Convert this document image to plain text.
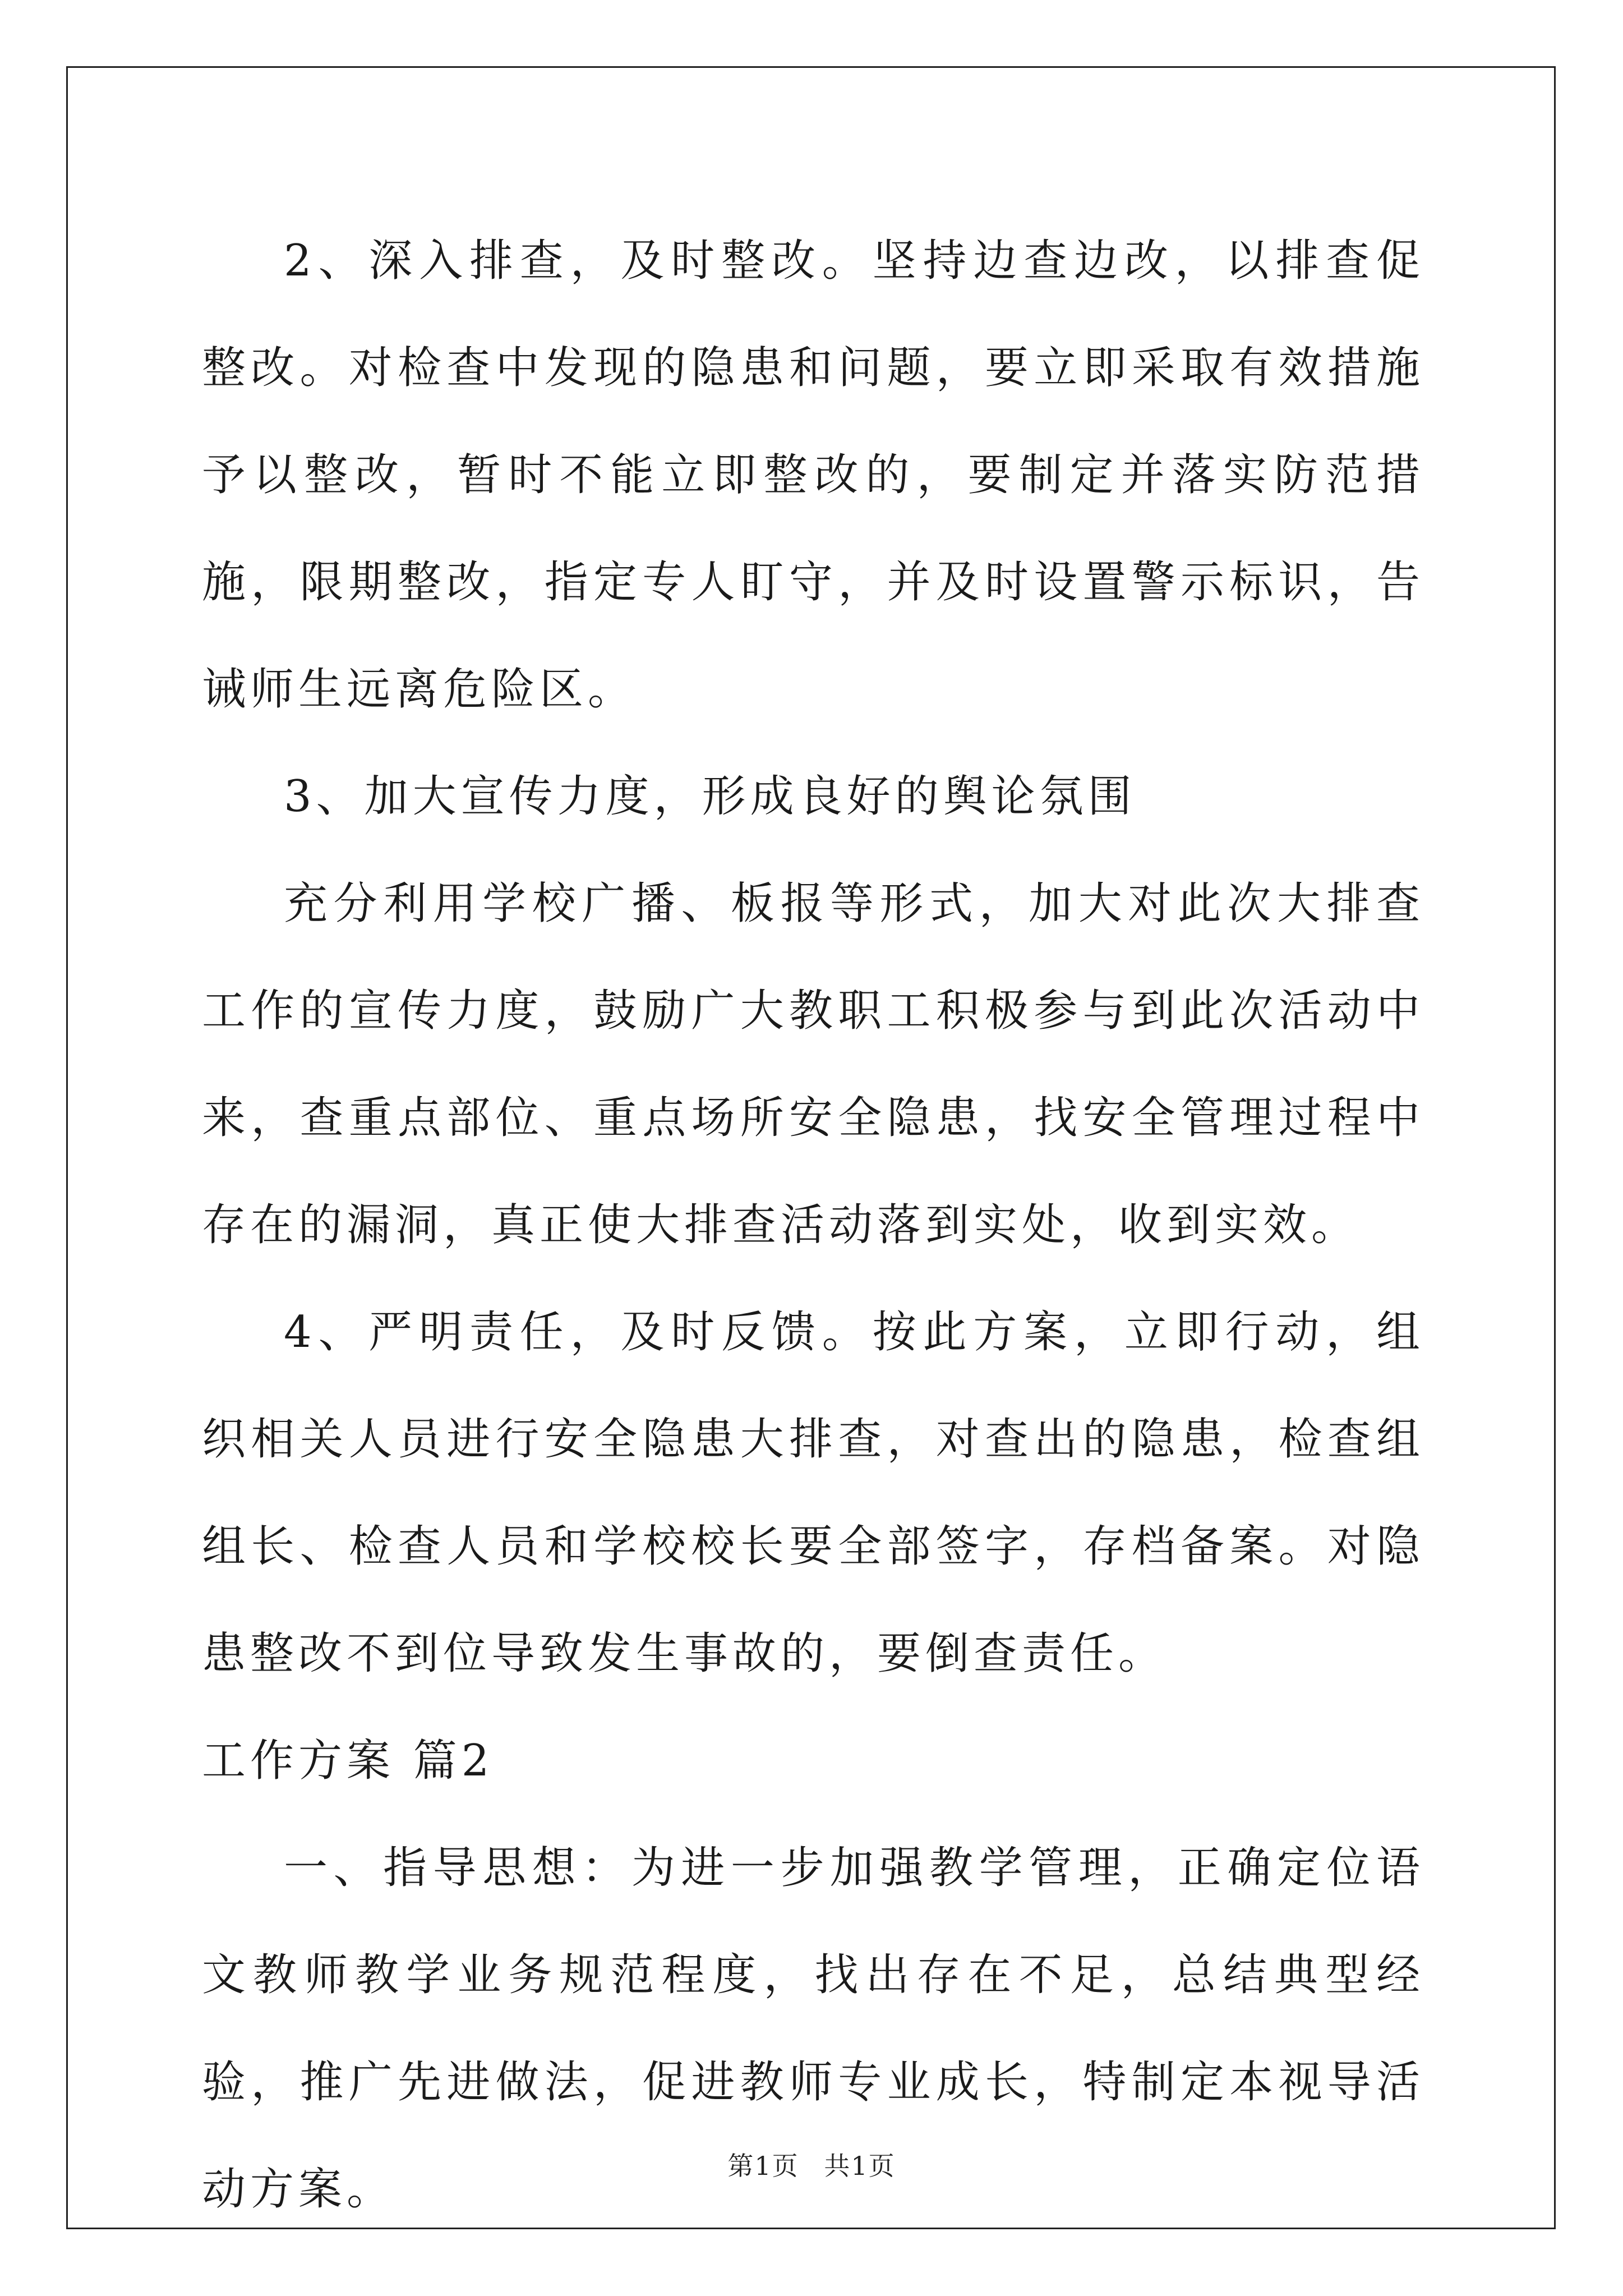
2、深入排查，及时整改。坚持边查边改，以排查促整改。对检查中发现的隐患和问题，要立即采取有效措施予以整改，暂时不能立即整改的，要制定并落实防范措施，限期整改，指定专人盯守，并及时设置警示标识，告诫师生远离危险区。

3、加大宣传力度，形成良好的舆论氛围

充分利用学校广播、板报等形式，加大对此次大排查工作的宣传力度，鼓励广大教职工积极参与到此次活动中来，查重点部位、重点场所安全隐患，找安全管理过程中存在的漏洞，真正使大排查活动落到实处，收到实效。

4、严明责任，及时反馈。按此方案，立即行动，组织相关人员进行安全隐患大排查，对查出的隐患，检查组组长、检查人员和学校校长要全部签字，存档备案。对隐患整改不到位导致发生事故的，要倒查责任。

工作方案 篇2

一、指导思想：为进一步加强教学管理，正确定位语文教师教学业务规范程度，找出存在不足，总结典型经验，推广先进做法，促进教师专业成长，特制定本视导活动方案。	第1页 共1页
